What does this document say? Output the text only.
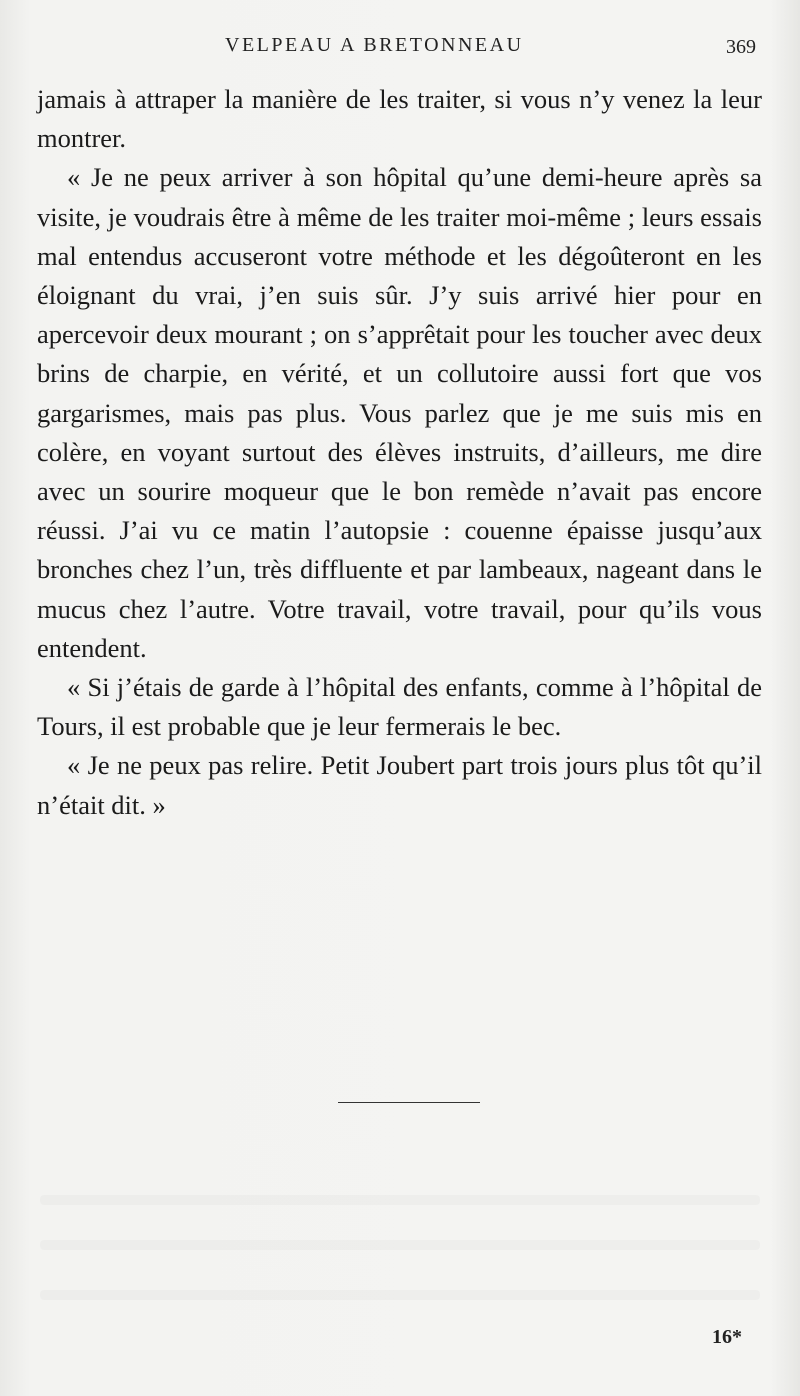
VELPEAU A BRETONNEAU	369

jamais à attraper la manière de les traiter, si vous n’y venez la leur montrer.

« Je ne peux arriver à son hôpital qu’une demi-heure après sa visite, je voudrais être à même de les traiter moi-même ; leurs essais mal entendus accuseront votre méthode et les dégoûteront en les éloignant du vrai, j’en suis sûr. J’y suis arrivé hier pour en apercevoir deux mourant ; on s’apprêtait pour les toucher avec deux brins de charpie, en vérité, et un collutoire aussi fort que vos gargarismes, mais pas plus. Vous parlez que je me suis mis en colère, en voyant surtout des élèves instruits, d’ailleurs, me dire avec un sourire moqueur que le bon remède n’avait pas encore réussi. J’ai vu ce matin l’autopsie : couenne épaisse jusqu’aux bronches chez l’un, très diffluente et par lambeaux, nageant dans le mucus chez l’autre. Votre travail, votre travail, pour qu’ils vous entendent.

« Si j’étais de garde à l’hôpital des enfants, comme à l’hôpital de Tours, il est probable que je leur fermerais le bec.

« Je ne peux pas relire. Petit Joubert part trois jours plus tôt qu’il n’était dit. »

16*
